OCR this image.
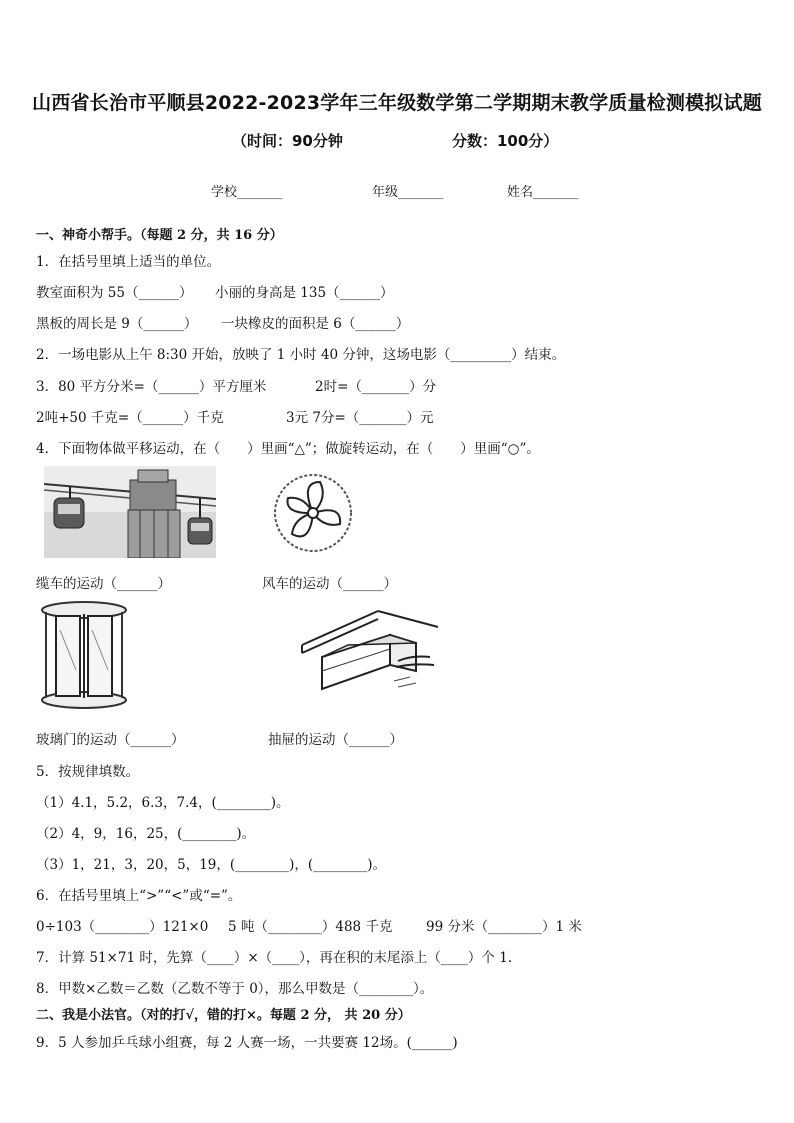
山西省长治市平顺县2022-2023学年三年级数学第二学期期末教学质量检测模拟试题
（时间：90分钟	分数：100分）
学校_______	年级_______	姓名_______
一、神奇小帮手。（每题 2 分，共 16 分）
1．在括号里填上适当的单位。
教室面积为 55（______） 小丽的身高是 135（______）
黑板的周长是 9（______） 一块橡皮的面积是 6（______）
2．一场电影从上午 8:30 开始，放映了 1 小时 40 分钟，这场电影（_________）结束。
3．80 平方分米=（______）平方厘米	2时=（_______）分
2吨+50 千克=（______）千克	3元 7分=（_______）元
4．下面物体做平移运动，在（　　）里画“△”；做旋转运动，在（　　）里画“○”。
缆车的运动（______）	风车的运动（______）
玻璃门的运动（______）	抽屉的运动（______）
5．按规律填数。
（1）4.1，5.2，6.3，7.4，(________)。
（2）4，9，16，25，(________)。
（3）1，21，3，20，5，19，(________)，(________)。
6．在括号里填上“>”“<”或“=”。
0÷103（________）121×0 5 吨（________）488 千克 99 分米（________）1 米
7．计算 51×71 时，先算（____）×（____），再在积的末尾添上（____）个 1.
8．甲数×乙数＝乙数（乙数不等于 0），那么甲数是（________）。
二、我是小法官。（对的打√，错的打×。每题 2 分， 共 20 分）
9．5 人参加乒乓球小组赛，每 2 人赛一场，一共要赛 12场。(______)
